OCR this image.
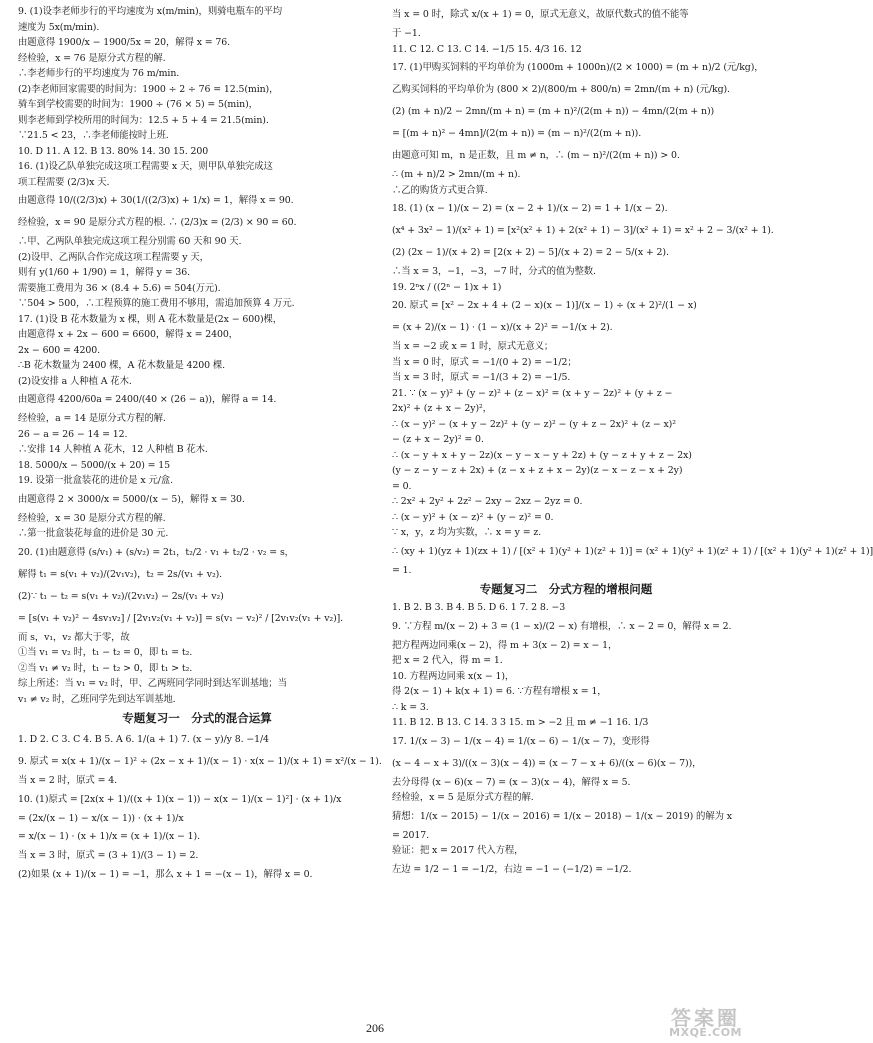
9. (1)设李老师步行的平均速度为 x(m/min)，则骑电瓶车的平均
速度为 5x(m/min).
由题意得 1900/x − 1900/5x = 20，解得 x = 76.
经检验，x = 76 是原分式方程的解.
∴李老师步行的平均速度为 76 m/min.
(2)李老师回家需要的时间为：1900 ÷ 2 ÷ 76 = 12.5(min)，
骑车到学校需要的时间为：1900 ÷ (76 × 5) = 5(min)，
则李老师到学校所用的时间为：12.5 + 5 + 4 = 21.5(min).
∵21.5 < 23，∴李老师能按时上班.
10. D 11. A 12. B 13. 80% 14. 30 15. 200
16. (1)设乙队单独完成这项工程需要 x 天，则甲队单独完成这
项工程需要 (2/3)x 天.
由题意得 10/((2/3)x) + 30(1/((2/3)x) + 1/x) = 1，解得 x = 90.
经检验，x = 90 是原分式方程的根. ∴ (2/3)x = (2/3) × 90 = 60.
∴甲、乙两队单独完成这项工程分别需 60 天和 90 天.
(2)设甲、乙两队合作完成这项工程需要 y 天，
则有 y(1/60 + 1/90) = 1，解得 y = 36.
需要施工费用为 36 × (8.4 + 5.6) = 504(万元).
∵504 > 500，∴工程预算的施工费用不够用，需追加预算 4 万元.
17. (1)设 B 花木数量为 x 棵，则 A 花木数量是(2x − 600)棵，
由题意得 x + 2x − 600 = 6600，解得 x = 2400，
2x − 600 = 4200.
∴B 花木数量为 2400 棵，A 花木数量是 4200 棵.
(2)设安排 a 人种植 A 花木.
由题意得 4200/60a = 2400/(40 × (26 − a))，解得 a = 14.
经检验，a = 14 是原分式方程的解.
26 − a = 26 − 14 = 12.
∴安排 14 人种植 A 花木，12 人种植 B 花木.
18. 5000/x − 5000/(x + 20) = 15
19. 设第一批盒装花的进价是 x 元/盒.
由题意得 2 × 3000/x = 5000/(x − 5)，解得 x = 30.
经检验，x = 30 是原分式方程的解.
∴第一批盒装花每盒的进价是 30 元.
20. (1)由题意得 (s/v₁) + (s/v₂) = 2t₁，t₂/2 · v₁ + t₂/2 · v₂ = s，
解得 t₁ = s(v₁ + v₂)/(2v₁v₂)，t₂ = 2s/(v₁ + v₂).
(2)∵ t₁ − t₂ = s(v₁ + v₂)/(2v₁v₂) − 2s/(v₁ + v₂)
= [s(v₁ + v₂)² − 4sv₁v₂] / [2v₁v₂(v₁ + v₂)] = s(v₁ − v₂)² / [2v₁v₂(v₁ + v₂)].
而 s，v₁，v₂ 都大于零，故
①当 v₁ = v₂ 时，t₁ − t₂ = 0，即 t₁ = t₂.
②当 v₁ ≠ v₂ 时，t₁ − t₂ > 0，即 t₁ > t₂.
综上所述：当 v₁ = v₂ 时，甲、乙两班同学同时到达军训基地；当
v₁ ≠ v₂ 时，乙班同学先到达军训基地.
专题复习一　分式的混合运算
1. D 2. C 3. C 4. B 5. A 6. 1/(a + 1) 7. (x − y)/y 8. −1/4
9. 原式 = x(x + 1)/(x − 1)² ÷ (2x − x + 1)/(x − 1) · x(x − 1)/(x + 1) = x²/(x − 1).
当 x = 2 时，原式 = 4.
10. (1)原式 = [2x(x + 1)/((x + 1)(x − 1)) − x(x − 1)/(x − 1)²] · (x + 1)/x
= (2x/(x − 1) − x/(x − 1)) · (x + 1)/x
= x/(x − 1) · (x + 1)/x = (x + 1)/(x − 1).
当 x = 3 时，原式 = (3 + 1)/(3 − 1) = 2.
(2)如果 (x + 1)/(x − 1) = −1，那么 x + 1 = −(x − 1)，解得 x = 0.
当 x = 0 时，除式 x/(x + 1) = 0，原式无意义，故原代数式的值不能等
于 −1.
11. C 12. C 13. C 14. −1/5 15. 4/3 16. 12
17. (1)甲购买饲料的平均单价为 (1000m + 1000n)/(2 × 1000) = (m + n)/2 (元/kg)，
乙购买饲料的平均单价为 (800 × 2)/(800/m + 800/n) = 2mn/(m + n) (元/kg).
(2) (m + n)/2 − 2mn/(m + n) = (m + n)²/(2(m + n)) − 4mn/(2(m + n))
= [(m + n)² − 4mn]/(2(m + n)) = (m − n)²/(2(m + n)).
由题意可知 m，n 是正数，且 m ≠ n，∴ (m − n)²/(2(m + n)) > 0.
∴ (m + n)/2 > 2mn/(m + n).
∴乙的购货方式更合算.
18. (1) (x − 1)/(x − 2) = (x − 2 + 1)/(x − 2) = 1 + 1/(x − 2).
(x⁴ + 3x² − 1)/(x² + 1) = [x²(x² + 1) + 2(x² + 1) − 3]/(x² + 1) = x² + 2 − 3/(x² + 1).
(2) (2x − 1)/(x + 2) = [2(x + 2) − 5]/(x + 2) = 2 − 5/(x + 2).
∴当 x = 3，−1，−3，−7 时，分式的值为整数.
19. 2ⁿx / ((2ⁿ − 1)x + 1)
20. 原式 = [x² − 2x + 4 + (2 − x)(x − 1)]/(x − 1) ÷ (x + 2)²/(1 − x)
= (x + 2)/(x − 1) · (1 − x)/(x + 2)² = −1/(x + 2).
当 x = −2 或 x = 1 时，原式无意义；
当 x = 0 时，原式 = −1/(0 + 2) = −1/2；
当 x = 3 时，原式 = −1/(3 + 2) = −1/5.
21. ∵ (x − y)² + (y − z)² + (z − x)² = (x + y − 2z)² + (y + z −
2x)² + (z + x − 2y)²，
∴ (x − y)² − (x + y − 2z)² + (y − z)² − (y + z − 2x)² + (z − x)²
− (z + x − 2y)² = 0.
∴ (x − y + x + y − 2z)(x − y − x − y + 2z) + (y − z + y + z − 2x)
(y − z − y − z + 2x) + (z − x + z + x − 2y)(z − x − z − x + 2y)
= 0.
∴ 2x² + 2y² + 2z² − 2xy − 2xz − 2yz = 0.
∴ (x − y)² + (x − z)² + (y − z)² = 0.
∵ x，y，z 均为实数，∴ x = y = z.
∴ (xy + 1)(yz + 1)(zx + 1) / [(x² + 1)(y² + 1)(z² + 1)] = (x² + 1)(y² + 1)(z² + 1) / [(x² + 1)(y² + 1)(z² + 1)]
= 1.
专题复习二　分式方程的增根问题
1. B 2. B 3. B 4. B 5. D 6. 1 7. 2 8. −3
9. ∵方程 m/(x − 2) + 3 = (1 − x)/(2 − x) 有增根，∴ x − 2 = 0，解得 x = 2.
把方程两边同乘(x − 2)，得 m + 3(x − 2) = x − 1，
把 x = 2 代入，得 m = 1.
10. 方程两边同乘 x(x − 1)，
得 2(x − 1) + k(x + 1) = 6. ∵方程有增根 x = 1，
∴ k = 3.
11. B 12. B 13. C 14. 3 3 15. m > −2 且 m ≠ −1 16. 1/3
17. 1/(x − 3) − 1/(x − 4) = 1/(x − 6) − 1/(x − 7)，变形得
(x − 4 − x + 3)/((x − 3)(x − 4)) = (x − 7 − x + 6)/((x − 6)(x − 7))，
去分母得 (x − 6)(x − 7) = (x − 3)(x − 4)，解得 x = 5.
经检验，x = 5 是原分式方程的解.
猜想：1/(x − 2015) − 1/(x − 2016) = 1/(x − 2018) − 1/(x − 2019) 的解为 x
= 2017.
验证：把 x = 2017 代入方程，
左边 = 1/2 − 1 = −1/2，右边 = −1 − (−1/2) = −1/2.
206	答案圈
MXQE.COM
